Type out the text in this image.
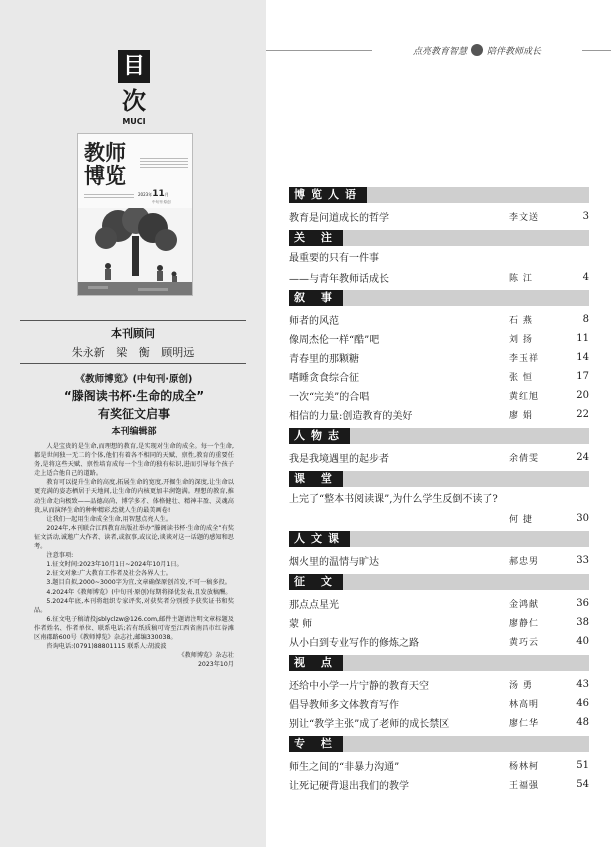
目
次
MUCI
教师博览
2023年11月
中旬刊·原创
本刊顾问
朱永新 梁 衡 顾明远
《教师博览》(中旬刊·原创)
“滕阁读书杯·生命的成全”
有奖征文启事
本刊编辑部

人是宝贵的是生命,而理想的教育,是实现对生命的成全。每一个生命,都是世间独一无二的个体,他们有着各不相同的天赋、禀性,教育的重要任务,是将这些天赋、禀性培育成每一个生命的独有标识,进而引导每个孩子走上适合他自己的道路。

教育可以提升生命的高度,拓展生命的宽度,开掘生命的深度,让生命以更充满的姿态栖居于天地间,让生命的内核更加丰润饱满。理想的教育,推动生命走向极致——品德高尚、博学多才、体格健壮、精神丰盈、灵魂高贵,从而演绎生命的种种精彩,绘就人生的最美画卷!

让我们一起用生命成全生命,用智慧点亮人生。

2024年,本刊联合江西教育出版社举办“滕阁读书杯·生命的成全”有奖征文活动,诚邀广大作者、读者,或叙事,或议论,谈谈对这一话题的感知和思考。

注意事项:

1.征文时间:2023年10月1日~2024年10月1日。

2.征文对象:广大教育工作者及社会各界人士。

3.题目自拟,2000~3000字为宜,文章确保原创首发,不可一稿多投。

4.2024年《教师博览》(中旬刊·原创)每期将择优发表,且发放稿酬。

5.2024年底,本刊将组织专家评奖,对获奖者分别授予获奖证书和奖品。

6.征文电子稿请投jsblyclzw@126.com,邮件主题请注明文章标题及作者姓名、作者单位、联系电话;若有纸质稿可寄至江西省南昌市红谷滩区南郡路600号《教师博览》杂志社,邮编330038。

咨询电话:(0791)88801115 联系人:胡波波

《教师博览》杂志社
2023年10月
点亮教育智慧 陪伴教师成长
博览人语
教育是问道成长的哲学	李文送	3
关 注
最重要的只有一件事
——与青年教师话成长	陈 江	4
叙 事
师者的风范	石 燕	8
像周杰伦一样“酷”吧	刘 扬	11
青春里的那颗糖	李玉祥	14
嗜睡贪食综合征	张 恒	17
一次“完美”的合唱	黄红旭	20
相信的力量:创造教育的美好	廖 娟	22
人物志
我是我境遇里的起步者	余倩雯	24
课 堂
上完了“整本书阅读课”,为什么学生反倒不读了?
何 捷	30
人文课
烟火里的温情与旷达	郝忠男	33
征 文
那点点星光	金鸿献	36
蒙 师	廖静仁	38
从小白到专业写作的修炼之路	黄巧云	40
视 点
还给中小学一片宁静的教育天空	汤 勇	43
倡导教师多文体教育写作	林高明	46
别让“教学主张”成了老师的成长禁区	廖仁华	48
专 栏
师生之间的“非暴力沟通”	杨林柯	51
让死记硬背退出我们的教学	王福强	54
